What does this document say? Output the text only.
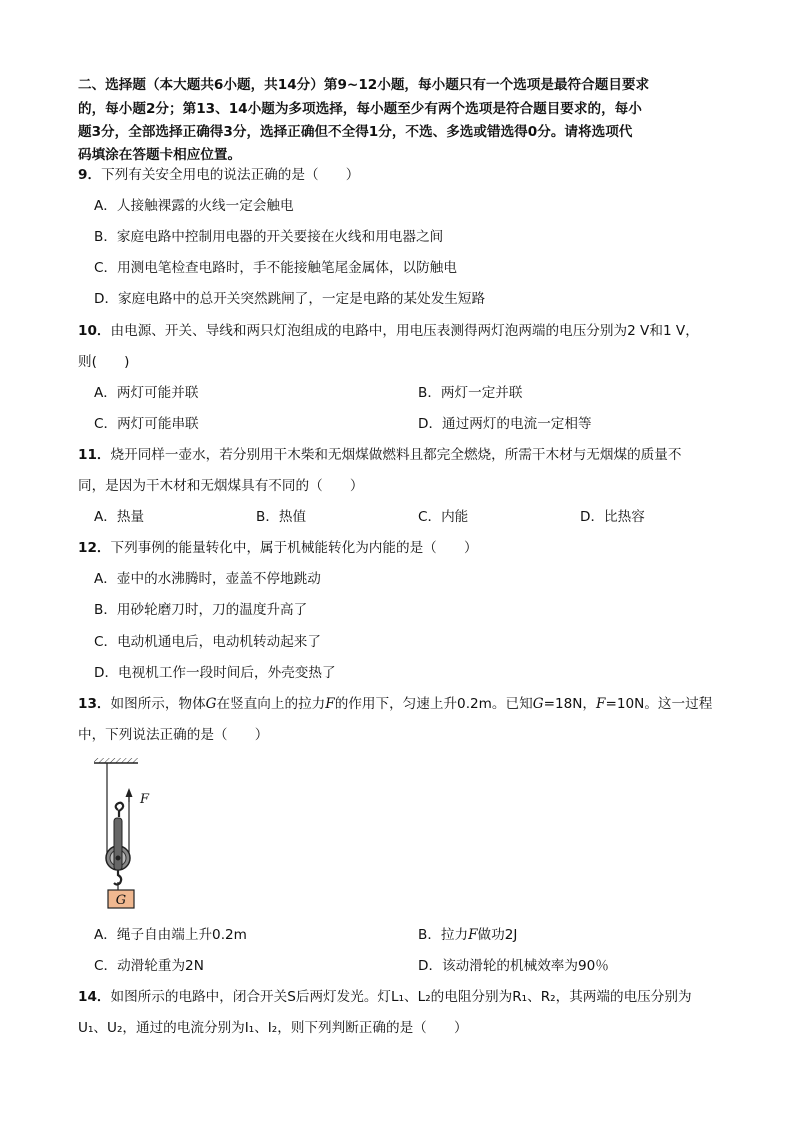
二、选择题（本大题共6小题，共14分）第9~12小题，每小题只有一个选项是最符合题目要求
的，每小题2分；第13、14小题为多项选择，每小题至少有两个选项是符合题目要求的，每小
题3分，全部选择正确得3分，选择正确但不全得1分，不选、多选或错选得0分。请将选项代
码填涂在答题卡相应位置。
9．下列有关安全用电的说法正确的是（　　）
A．人接触裸露的火线一定会触电
B．家庭电路中控制用电器的开关要接在火线和用电器之间
C．用测电笔检查电路时，手不能接触笔尾金属体，以防触电
D．家庭电路中的总开关突然跳闸了，一定是电路的某处发生短路
10．由电源、开关、导线和两只灯泡组成的电路中，用电压表测得两灯泡两端的电压分别为2 V和1 V，
则(　　)
A．两灯可能并联	B．两灯一定并联
C．两灯可能串联	D．通过两灯的电流一定相等
11．烧开同样一壶水，若分别用干木柴和无烟煤做燃料且都完全燃烧，所需干木材与无烟煤的质量不
同，是因为干木材和无烟煤具有不同的（　　）
A．热量	B．热值	C．内能	D．比热容
12．下列事例的能量转化中，属于机械能转化为内能的是（　　）
A．壶中的水沸腾时，壶盖不停地跳动
B．用砂轮磨刀时，刀的温度升高了
C．电动机通电后，电动机转动起来了
D．电视机工作一段时间后，外壳变热了
13．如图所示，物体G在竖直向上的拉力F的作用下，匀速上升0.2m。已知G=18N，F=10N。这一过程
中，下列说法正确的是（　　）
F
G
A．绳子自由端上升0.2m	B．拉力F做功2J
C．动滑轮重为2N	D．该动滑轮的机械效率为90％
14．如图所示的电路中，闭合开关S后两灯发光。灯L₁、L₂的电阻分别为R₁、R₂，其两端的电压分别为
U₁、U₂，通过的电流分别为I₁、I₂，则下列判断正确的是（　　）
